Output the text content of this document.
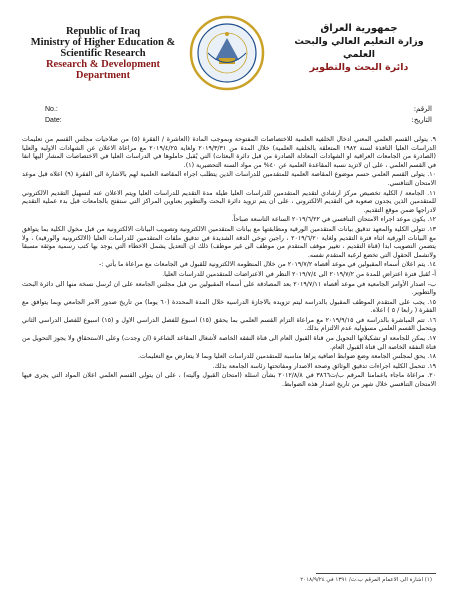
Republic of Iraq
Ministry of Higher Education &
Scientific Research
Research & Development
Department
جمهورية العراق
وزارة التعليم العالي والبحث العلمي
دائرة البحث والتطوير
No.:
Date:
الرقم:
التاريخ:

٩. يتولى القسم العلمي المعني ادخال الخلفية العلمية للاختصاصات المفتوحة وبموجب المادة (العاشرة / الفقرة (٥) من صلاحيات مجلس القسم من تعليمات الدراسات العليا النافذة لسنة ١٩٨٢ المتعلقة بالخلفية العلمية) خلال المدة من ٢٠١٩/٣/٣١ ولغاية ٢٠١٩/٤/٢٥ مع مراعاة الاعلان عن الشهادات الاولية والعليا (الصادرة من الجامعات العراقية او الشهادات المعادلة الصادرة من قبل دائرة البعثات) التي يُقبل حاملوها في الدراسات العليا في الاختصاصات المشار اليها انفا في القسم العلمي ، على ان لاتزيد نسبة المقاعدة العلمية عن ٤٠% من مواد السنة التحضيرية (١).

١٠. يتولى القسم العلمي حسم موضوع المقاصة العلمية للمتقدمين للدراسات الذين يتطلب اجراء المقاصة العلمية لهم بالاشارة الى الفقرة (٩) اعلاه قبل موعد الامتحان التنافسي.

١١. الجامعة / الكلية تخصيص مركز ارشادي لتقديم المتقدمين للدراسات العليا طيلة مدة التقديم للدراسات العليا ويتم الاعلان عنه لتسهيل التقديم الالكتروني للمتقدمين الذين يجدون صعوبة في التقديم الالكتروني ، على ان يتم تزويد دائرة البحث والتطوير بعناوين المراكز التي ستفتح بالجامعات قبل بدء عملية التقديم لادراجها ضمن موقع التقديم.

١٢. يكون موعد اجراء الامتحان التنافسي في ٢٠١٩/٦/٢٢ الساعة التاسعة صباحاً.

١٣. تتولى الكلية والمعهد تدقيق بيانات المتقدمين الورقية ومطابقتها مع بيانات المتقدمين الالكترونية وتصويب البيانات الالكترونية من قبل مخول الكلية بما يتوافق مع البيانات الورقية اثناء فترة التقديم ولغاية ٢٠١٩/٦/٢٠ ، راجين توخي الدقة الشديدة في تدقيق ملفات المتقدمين للدراسات العليا (الالكترونية والورقية) ، ولا يتضمن التصويب ابدا (قناة التقديم ، تغيير موقف المتقدم من موظف الى غير موظف) ذلك ان التعديل يشمل الاخطاء التي يوجد بها كتب رسمية موثقة مسبقا ولاتشمل الحقول التي تخضع لرغبة المتقدم نفسه.

١٤. يتم اعلان أسماء المقبولين في موعد أقصاه ٢٠١٩/٧/٢ من خلال المنظومة الالكترونية للقبول في الجامعات مع مراعاة ما يأتي :-

أ- تُقبل فترة اعتراض للمدة من ٢٠١٩/٧/٢ الى ٢٠١٩/٧/٤ النظر في الاعتراضات للمتقدمين للدراسات العليا.

ب- اصدار الأوامر الجامعية في موعد أقصاه ٢٠١٩/٧/١١ بعد المصادقة على أسماء المقبولين من قبل مجلس الجامعة على ان تُرسل نسخة منها الى دائرة البحث والتطوير.

١٥. يجب على المتقدم الموظف المقبول بالدراسة ليتم تزويده بالاجازة الدراسية خلال المدة المحددة (٦٠ يوما) من تاريخ صدور الامر الجامعي وبما يتوافق مع الفقرة ( رابعا / ٥ ) اعلاه.

١٦. تتم المباشرة بالدراسة في ٢٠١٩/٩/١٥ مع مراعاة التزام القسم العلمي بما يحقق (١٥) اسبوع للفصل الدراسي الاول و (١٥) اسبوع للفصل الدراسي الثاني ويتحمل القسم العلمي مسؤولية عدم الالتزام بذلك.

١٧. يمكن للجامعة او تشكيلاتها التحويل من قناة القبول العام الى قناة النفقة الخاصة لأشغال المقاعد الشاغرة (ان وجدت) وعلى الاستحقاق ولا يجوز التحويل من قناة النفقة الخاصة الى قناة القبول العام.

١٨. يحق لمجلس الجامعة وضع ضوابط اضافية يراها مناسبة للمتقدمين للدراسات العليا وبما لا يتعارض مع التعليمات.

١٩. تتحمل الكلية اجراءات تدقيق الوثائق وصحة الاصدار ومفاتحتها رئاسة الجامعة بذلك.

٢٠. مراعاة ماجاء باعمامنا المرقم ب/ت٣٨٦٦ في ٢٠١٢/٨/٨ بشأن اسئلة (امتحان القبول وآليته) ، على ان يتولى القسم العلمي اعلان المواد التي يجرى فيها الامتحان التنافسي خلال شهر من تاريخ اصدار هذه الضوابط.

(١) اشارة الى الاعمام المرقم ب.ت/ ١٣٩١ في ٢٠١٨/٩/٢٤
